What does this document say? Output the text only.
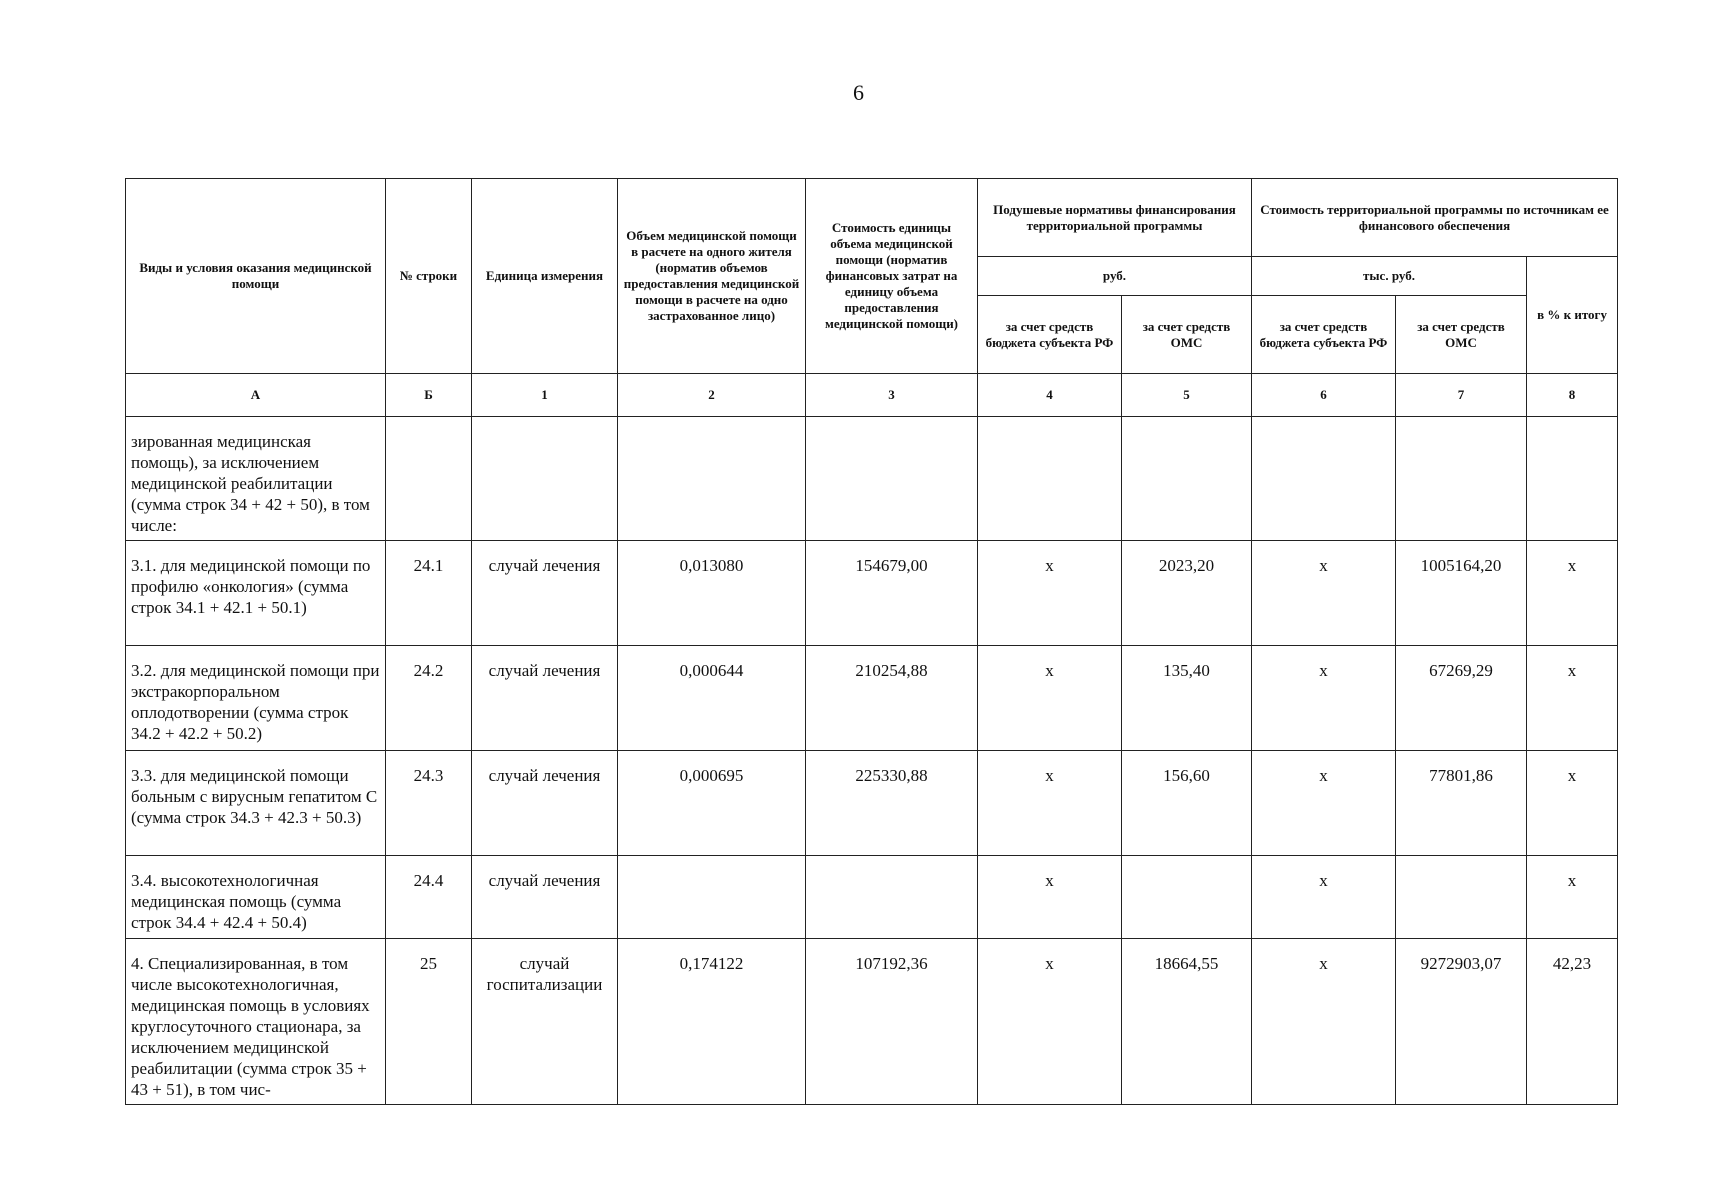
6
Виды и условия оказания медицинской помощи	№ строки	Единица измерения	Объем медицинской помощи в расчете на одного жителя (норматив объемов предоставления медицинской помощи в расчете на одно застрахованное лицо)	Стоимость единицы объема медицинской помощи (норматив финансовых затрат на единицу объема предоставления медицинской помощи)	Подушевые нормативы финансирования территориальной программы		Стоимость территориальной программы по источникам ее финансового обеспечения		
					руб.		тыс. руб.		в % к итогу
					за счет средств бюджета субъекта РФ	за счет средств ОМС	за счет средств бюджета субъекта РФ	за счет средств ОМС	
А	Б	1	2	3	4	5	6	7	8
зированная медицинская помощь), за исключением медицинской реабилитации (сумма строк 34 + 42 + 50), в том числе:									
3.1. для медицинской помощи по профилю «онкология» (сумма строк 34.1 + 42.1 + 50.1)	24.1	случай лечения	0,013080	154679,00	х	2023,20	х	1005164,20	х
3.2. для медицинской помощи при экстракорпоральном оплодотворении (сумма строк 34.2 + 42.2 + 50.2)	24.2	случай лечения	0,000644	210254,88	х	135,40	х	67269,29	х
3.3. для медицинской помощи больным с вирусным гепатитом С (сумма строк 34.3 + 42.3 + 50.3)	24.3	случай лечения	0,000695	225330,88	х	156,60	х	77801,86	х
3.4. высокотехнологичная медицинская помощь (сумма строк 34.4 + 42.4 + 50.4)	24.4	случай лечения			х		х		х
4. Специализированная, в том числе высокотехнологичная, медицинская помощь в условиях круглосуточного стационара, за исключением медицинской реабилитации (сумма строк 35 + 43 + 51), в том чис-	25	случай госпитализации	0,174122	107192,36	х	18664,55	х	9272903,07	42,23
